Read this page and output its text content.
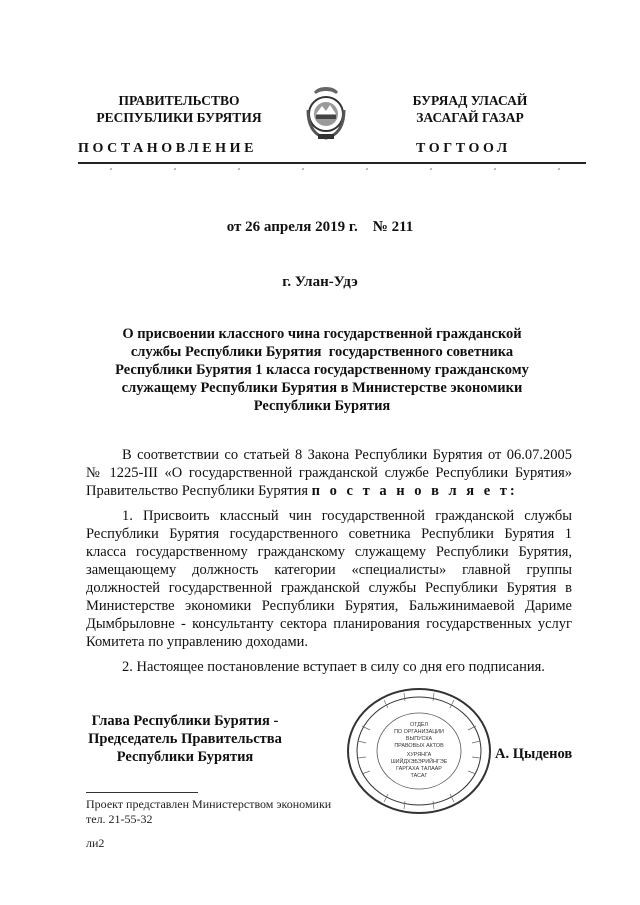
ПРАВИТЕЛЬСТВО
РЕСПУБЛИКИ БУРЯТИЯ
БУРЯАД УЛАСАЙ
ЗАСАГАЙ ГАЗАР
ПОСТАНОВЛЕНИЕ	ТОГТООЛ
от 26 апреля 2019 г.    № 211
г. Улан-Удэ
О присвоении классного чина государственной гражданской
службы Республики Бурятия  государственного советника
Республики Бурятия 1 класса государственному гражданскому
служащему Республики Бурятия в Министерстве экономики
Республики Бурятия
В соответствии со статьей 8 Закона Республики Бурятия от 06.07.2005 № 1225-III «О государственной гражданской службе Республики Бурятия» Правительство Республики Бурятия п о с т а н о в л я е т:
1. Присвоить классный чин государственной гражданской службы Республики Бурятия государственного советника Республики Бурятия 1 класса государственному гражданскому служащему Республики Бурятия, замещающему должность категории «специалисты» главной группы должностей государственной гражданской службы Республики Бурятия в Министерстве экономики Республики Бурятия, Бальжинимаевой Дариме Дымбрыловне - консультанту сектора планирования государственных услуг Комитета по управлению доходами.
2. Настоящее постановление вступает в силу со дня его подписания.
Глава Республики Бурятия -
Председатель Правительства
Республики Бурятия
ОТДЕЛ
ПО ОРГАНИЗАЦИИ
ВЫПУСКА
ПРАВОВЫХ АКТОВ
ХУРЯНГА
ШИЙДХЭБЭРИЙНГЭЕ
ГАРГАХА ТАЛААР
ТАСАГ
А. Цыденов
Проект представлен Министерством экономики
тел. 21-55-32
ли2
